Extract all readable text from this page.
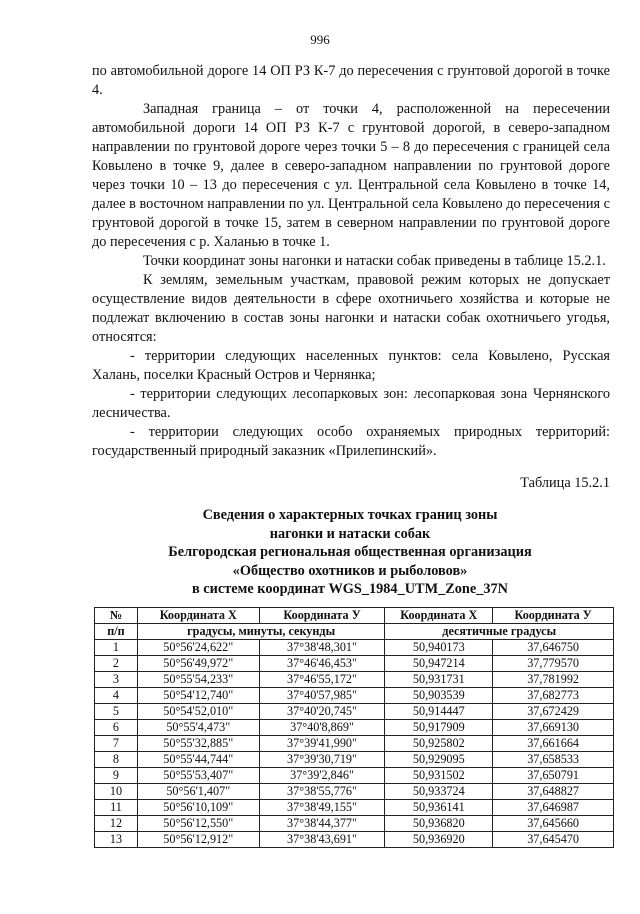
996

по автомобильной дороге 14 ОП РЗ К-7 до пересечения с грунтовой дорогой в точке 4.

Западная граница – от точки 4, расположенной на пересечении автомобильной дороги 14 ОП РЗ К-7 с грунтовой дорогой, в северо-западном направлении по грунтовой дороге через точки 5 – 8 до пересечения с границей села Ковылено в точке 9, далее в северо-западном направлении по грунтовой дороге через точки 10 – 13 до пересечения с ул. Центральной села Ковылено в точке 14, далее в восточном направлении по ул. Центральной села Ковылено до пересечения с грунтовой дорогой в точке 15, затем в северном направлении по грунтовой дороге до пересечения с р. Халанью в точке 1.

Точки координат зоны нагонки и натаски собак приведены в таблице 15.2.1.

К землям, земельным участкам, правовой режим которых не допускает осуществление видов деятельности в сфере охотничьего хозяйства и которые не подлежат включению в состав зоны нагонки и натаски собак охотничьего угодья, относятся:

- территории следующих населенных пунктов: села Ковылено, Русская Халань, поселки Красный Остров и Чернянка;

- территории следующих лесопарковых зон: лесопарковая зона Чернянского лесничества.

- территории следующих особо охраняемых природных территорий: государственный природный заказник «Прилепинский».

Таблица 15.2.1
Сведения о характерных точках границ зоны
нагонки и натаски собак
Белгородская региональная общественная организация
«Общество охотников и рыболовов»
в системе координат WGS_1984_UTM_Zone_37N
№	Координата X	Координата У	Координата X	Координата У
п/п	градусы, минуты, секунды		десятичные градусы	
1	50°56'24,622"	37°38'48,301"	50,940173	37,646750
2	50°56'49,972"	37°46'46,453"	50,947214	37,779570
3	50°55'54,233"	37°46'55,172"	50,931731	37,781992
4	50°54'12,740"	37°40'57,985"	50,903539	37,682773
5	50°54'52,010"	37°40'20,745"	50,914447	37,672429
6	50°55'4,473"	37°40'8,869"	50,917909	37,669130
7	50°55'32,885"	37°39'41,990"	50,925802	37,661664
8	50°55'44,744"	37°39'30,719"	50,929095	37,658533
9	50°55'53,407"	37°39'2,846"	50,931502	37,650791
10	50°56'1,407"	37°38'55,776"	50,933724	37,648827
11	50°56'10,109"	37°38'49,155"	50,936141	37,646987
12	50°56'12,550"	37°38'44,377"	50,936820	37,645660
13	50°56'12,912"	37°38'43,691"	50,936920	37,645470
